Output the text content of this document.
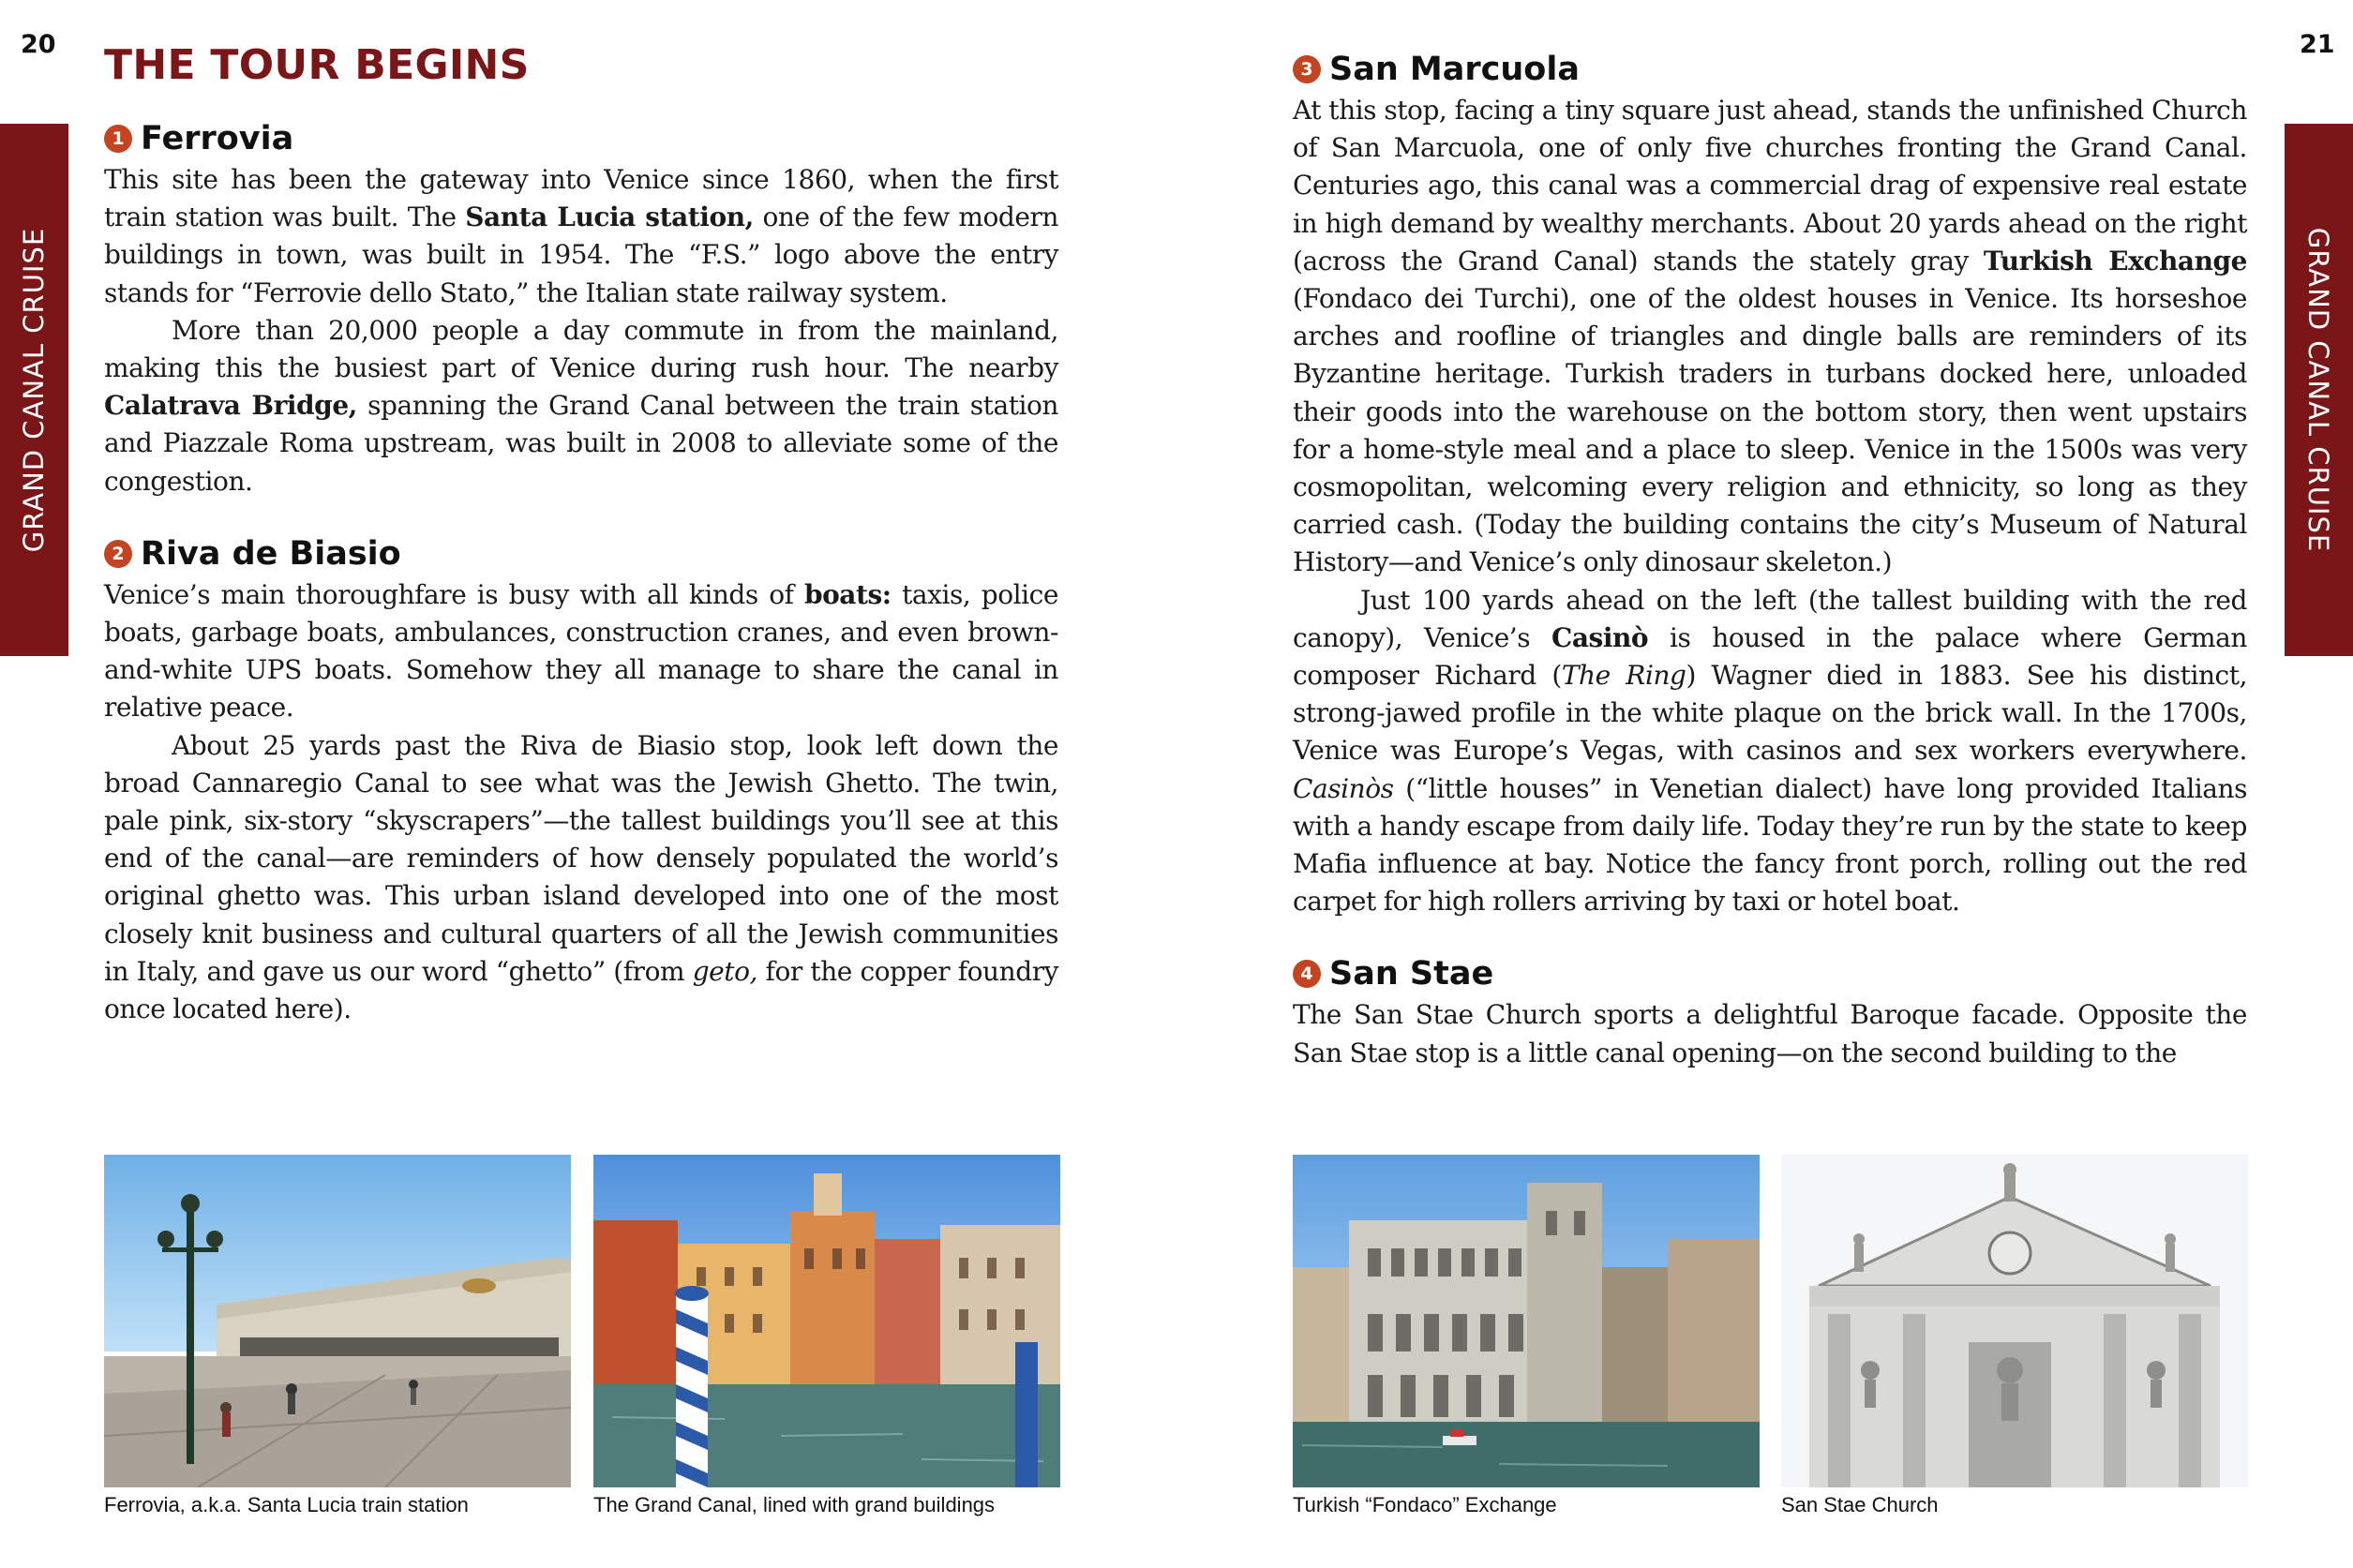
20	21
GRAND CANAL CRUISE	GRAND CANAL CRUISE
THE TOUR BEGINS
1 Ferrovia

This site has been the gateway into Venice since 1860, when the first train station was built. The Santa Lucia station, one of the few modern buildings in town, was built in 1954. The “F.S.” logo above the entry stands for “Ferrovie dello Stato,” the Italian state railway system.

More than 20,000 people a day commute in from the mainland, making this the busiest part of Venice during rush hour. The nearby Calatrava Bridge, spanning the Grand Canal between the train station and Piazzale Roma upstream, was built in 2008 to alleviate some of the congestion.

2 Riva de Biasio

Venice’s main thoroughfare is busy with all kinds of boats: taxis, police boats, garbage boats, ambulances, construction cranes, and even brown-and-white UPS boats. Somehow they all manage to share the canal in relative peace.

About 25 yards past the Riva de Biasio stop, look left down the broad Cannaregio Canal to see what was the Jewish Ghetto. The twin, pale pink, six-story “skyscrapers”—the tallest buildings you’ll see at this end of the canal—are reminders of how densely populated the world’s original ghetto was. This urban island developed into one of the most closely knit business and cultural quarters of all the Jewish communities in Italy, and gave us our word “ghetto” (from geto, for the copper foundry once located here).

3 San Marcuola

At this stop, facing a tiny square just ahead, stands the unfinished Church of San Marcuola, one of only five churches fronting the Grand Canal. Centuries ago, this canal was a commercial drag of expensive real estate in high demand by wealthy merchants. About 20 yards ahead on the right (across the Grand Canal) stands the stately gray Turkish Exchange (Fondaco dei Turchi), one of the oldest houses in Venice. Its horseshoe arches and roofline of triangles and dingle balls are reminders of its Byzantine heritage. Turkish traders in turbans docked here, unloaded their goods into the warehouse on the bottom story, then went upstairs for a home-style meal and a place to sleep. Venice in the 1500s was very cosmopolitan, welcoming every religion and ethnicity, so long as they carried cash. (Today the building contains the city’s Museum of Natural History—and Venice’s only dinosaur skeleton.)

Just 100 yards ahead on the left (the tallest building with the red canopy), Venice’s Casinò is housed in the palace where German composer Richard (The Ring) Wagner died in 1883. See his distinct, strong-jawed profile in the white plaque on the brick wall. In the 1700s, Venice was Europe’s Vegas, with casinos and sex workers everywhere. Casinòs (“little houses” in Venetian dialect) have long provided Italians with a handy escape from daily life. Today they’re run by the state to keep Mafia influence at bay. Notice the fancy front porch, rolling out the red carpet for high rollers arriving by taxi or hotel boat.

4 San Stae

The San Stae Church sports a delightful Baroque facade. Opposite the San Stae stop is a little canal opening—on the second building to the

Ferrovia, a.k.a. Santa Lucia train station	The Grand Canal, lined with grand buildings	Turkish “Fondaco” Exchange	San Stae Church
